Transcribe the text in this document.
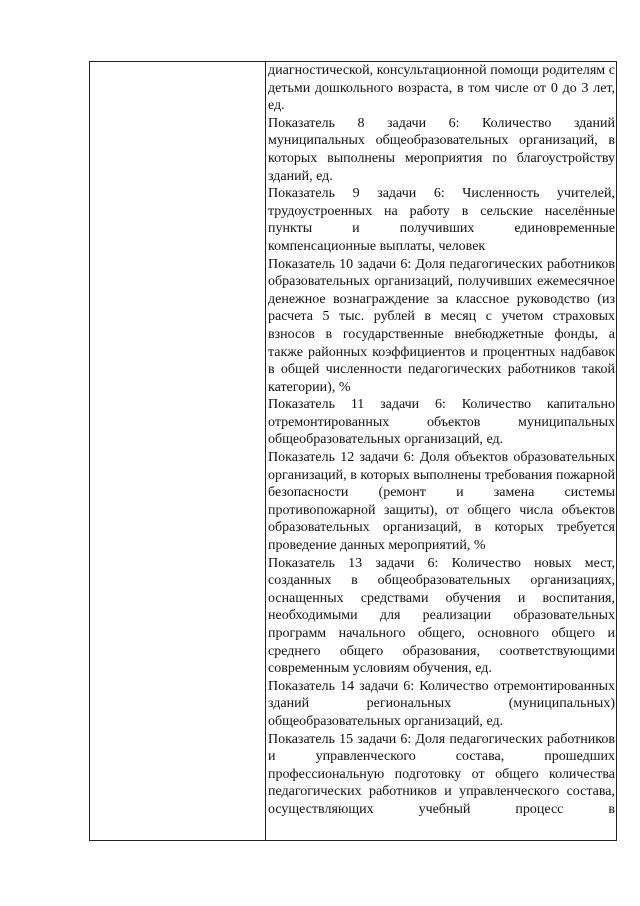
диагностической, консультационной помощи родителям с детьми дошкольного возраста, в том числе от 0 до 3 лет, ед.

Показатель 8 задачи 6: Количество зданий муниципальных общеобразовательных организаций, в которых выполнены мероприятия по благоустройству зданий, ед.

Показатель 9 задачи 6: Численность учителей, трудоустроенных на работу в сельские населённые пункты и получивших единовременные компенсационные выплаты, человек

Показатель 10 задачи 6: Доля педагогических работников образовательных организаций, получивших ежемесячное денежное вознаграждение за классное руководство (из расчета 5 тыс. рублей в месяц с учетом страховых взносов в государственные внебюджетные фонды, а также районных коэффициентов и процентных надбавок в общей численности педагогических работников такой категории), %

Показатель 11 задачи 6: Количество капитально отремонтированных объектов муниципальных общеобразовательных организаций, ед.

Показатель 12 задачи 6: Доля объектов образовательных организаций, в которых выполнены требования пожарной безопасности (ремонт и замена системы противопожарной защиты), от общего числа объектов образовательных организаций, в которых требуется проведение данных мероприятий, %

Показатель 13 задачи 6: Количество новых мест, созданных в общеобразовательных организациях, оснащенных средствами обучения и воспитания, необходимыми для реализации образовательных программ начального общего, основного общего и среднего общего образования, соответствующими современным условиям обучения, ед.

Показатель 14 задачи 6: Количество отремонтированных зданий региональных (муниципальных) общеобразовательных организаций, ед.

Показатель 15 задачи 6: Доля педагогических работников и управленческого состава, прошедших профессиональную подготовку от общего количества педагогических работников и управленческого состава, осуществляющих учебный процесс в
